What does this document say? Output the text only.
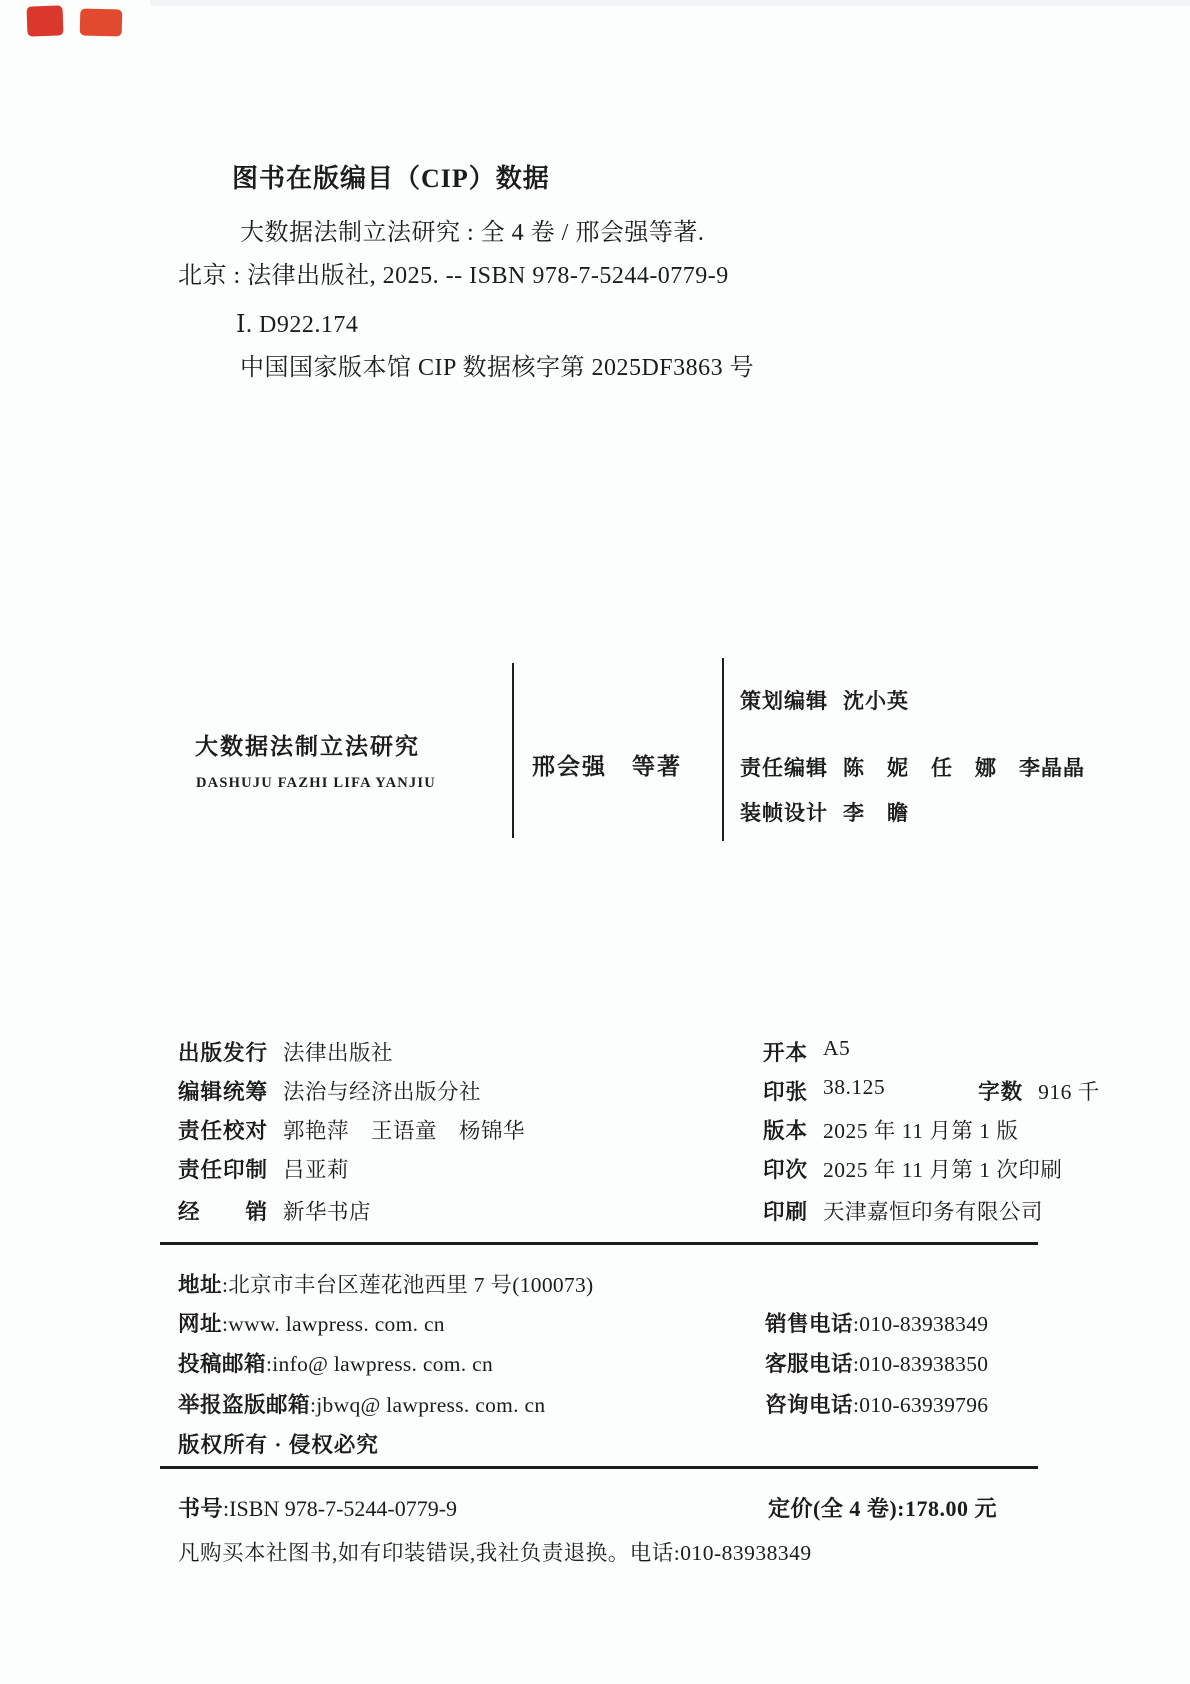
图书在版编目（CIP）数据
大数据法制立法研究 : 全 4 卷 / 邢会强等著.
北京 : 法律出版社, 2025. -- ISBN 978-7-5244-0779-9
Ⅰ. D922.174
中国国家版本馆 CIP 数据核字第 2025DF3863 号
大数据法制立法研究
DASHUJU FAZHI LIFA YANJIU
邢会强　等著
策划编辑 沈小英
责任编辑 陈　妮　任　娜　李晶晶
装帧设计 李　瞻
出版发行 法律出版社
编辑统筹 法治与经济出版分社
责任校对 郭艳萍　王语童　杨锦华
责任印制 吕亚莉
经　　销 新华书店
开本 A5
印张 38.125	字数 916 千
版本 2025 年 11 月第 1 版
印次 2025 年 11 月第 1 次印刷
印刷 天津嘉恒印务有限公司
地址:北京市丰台区莲花池西里 7 号(100073)
网址:www. lawpress. com. cn
投稿邮箱:info@ lawpress. com. cn
举报盗版邮箱:jbwq@ lawpress. com. cn
版权所有 · 侵权必究
销售电话:010-83938349
客服电话:010-83938350
咨询电话:010-63939796
书号:ISBN 978-7-5244-0779-9	定价(全 4 卷):178.00 元
凡购买本社图书,如有印装错误,我社负责退换。电话:010-83938349
